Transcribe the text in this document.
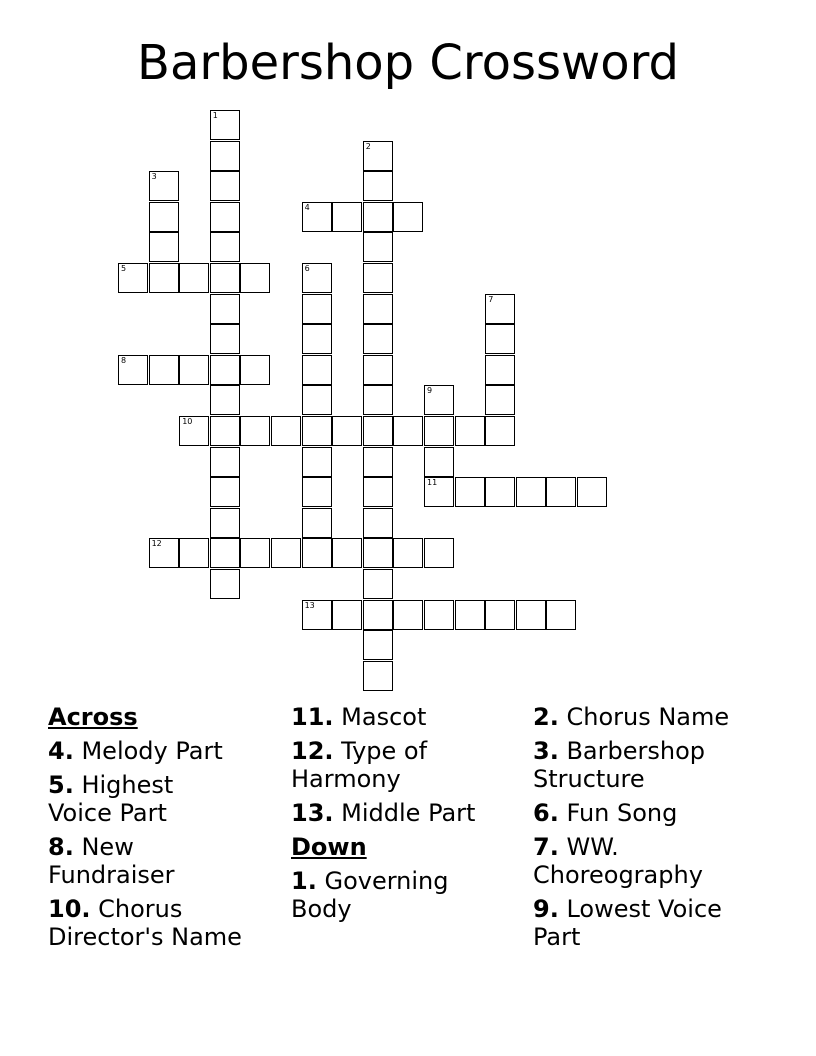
Barbershop Crossword
1
2
3
4
5	6
7
8
9
11
10
12
13
Across
4. Melody Part
5. Highest Voice Part
8. New Fundraiser
10. Chorus Director's Name
11. Mascot
12. Type of Harmony
13. Middle Part
Down
1. Governing Body
2. Chorus Name
3. Barbershop Structure
6. Fun Song
7. WW. Choreography
9. Lowest Voice Part
